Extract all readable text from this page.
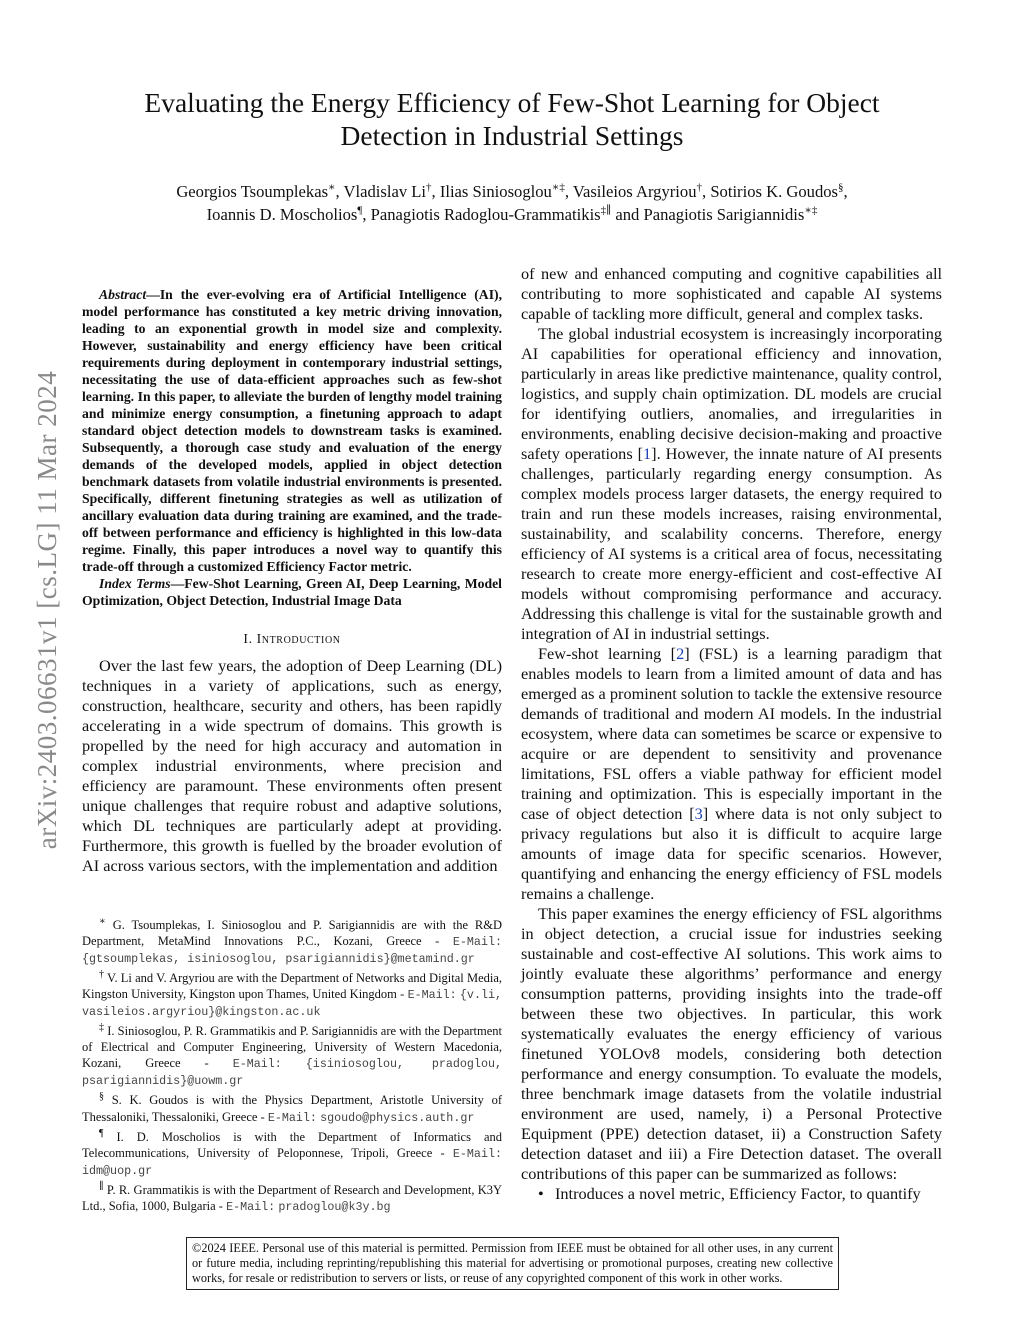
arXiv:2403.06631v1 [cs.LG] 11 Mar 2024
Evaluating the Energy Efficiency of Few-Shot Learning for Object Detection in Industrial Settings
Georgios Tsoumplekas∗, Vladislav Li†, Ilias Siniosoglou∗‡, Vasileios Argyriou†, Sotirios K. Goudos§,
Ioannis D. Moscholios¶, Panagiotis Radoglou-Grammatikis‡∥ and Panagiotis Sarigiannidis∗‡

Abstract—In the ever-evolving era of Artificial Intelligence (AI), model performance has constituted a key metric driving innovation, leading to an exponential growth in model size and complexity. However, sustainability and energy efficiency have been critical requirements during deployment in contemporary industrial settings, necessitating the use of data-efficient approaches such as few-shot learning. In this paper, to alleviate the burden of lengthy model training and minimize energy consumption, a finetuning approach to adapt standard object detection models to downstream tasks is examined. Subsequently, a thorough case study and evaluation of the energy demands of the developed models, applied in object detection benchmark datasets from volatile industrial environments is presented. Specifically, different finetuning strategies as well as utilization of ancillary evaluation data during training are examined, and the trade-off between performance and efficiency is highlighted in this low-data regime. Finally, this paper introduces a novel way to quantify this trade-off through a customized Efficiency Factor metric.

Index Terms—Few-Shot Learning, Green AI, Deep Learning, Model Optimization, Object Detection, Industrial Image Data

I. Introduction

Over the last few years, the adoption of Deep Learning (DL) techniques in a variety of applications, such as energy, construction, healthcare, security and others, has been rapidly accelerating in a wide spectrum of domains. This growth is propelled by the need for high accuracy and automation in complex industrial environments, where precision and efficiency are paramount. These environments often present unique challenges that require robust and adaptive solutions, which DL techniques are particularly adept at providing. Furthermore, this growth is fuelled by the broader evolution of AI across various sectors, with the implementation and addition

∗ G. Tsoumplekas, I. Siniosoglou and P. Sarigiannidis are with the R&D Department, MetaMind Innovations P.C., Kozani, Greece - E-Mail: {gtsoumplekas, isiniosoglou, psarigiannidis}@metamind.gr

† V. Li and V. Argyriou are with the Department of Networks and Digital Media, Kingston University, Kingston upon Thames, United Kingdom - E-Mail: {v.li, vasileios.argyriou}@kingston.ac.uk

‡ I. Siniosoglou, P. R. Grammatikis and P. Sarigiannidis are with the Department of Electrical and Computer Engineering, University of Western Macedonia, Kozani, Greece - E-Mail: {isiniosoglou, pradoglou, psarigiannidis}@uowm.gr

§ S. K. Goudos is with the Physics Department, Aristotle University of Thessaloniki, Thessaloniki, Greece - E-Mail: sgoudo@physics.auth.gr

¶ I. D. Moscholios is with the Department of Informatics and Telecommunications, University of Peloponnese, Tripoli, Greece - E-Mail: idm@uop.gr

∥ P. R. Grammatikis is with the Department of Research and Development, K3Y Ltd., Sofia, 1000, Bulgaria - E-Mail: pradoglou@k3y.bg

of new and enhanced computing and cognitive capabilities all contributing to more sophisticated and capable AI systems capable of tackling more difficult, general and complex tasks.

The global industrial ecosystem is increasingly incorporating AI capabilities for operational efficiency and innovation, particularly in areas like predictive maintenance, quality control, logistics, and supply chain optimization. DL models are crucial for identifying outliers, anomalies, and irregularities in environments, enabling decisive decision-making and proactive safety operations [1]. However, the innate nature of AI presents challenges, particularly regarding energy consumption. As complex models process larger datasets, the energy required to train and run these models increases, raising environmental, sustainability, and scalability concerns. Therefore, energy efficiency of AI systems is a critical area of focus, necessitating research to create more energy-efficient and cost-effective AI models without compromising performance and accuracy. Addressing this challenge is vital for the sustainable growth and integration of AI in industrial settings.

Few-shot learning [2] (FSL) is a learning paradigm that enables models to learn from a limited amount of data and has emerged as a prominent solution to tackle the extensive resource demands of traditional and modern AI models. In the industrial ecosystem, where data can sometimes be scarce or expensive to acquire or are dependent to sensitivity and provenance limitations, FSL offers a viable pathway for efficient model training and optimization. This is especially important in the case of object detection [3] where data is not only subject to privacy regulations but also it is difficult to acquire large amounts of image data for specific scenarios. However, quantifying and enhancing the energy efficiency of FSL models remains a challenge.

This paper examines the energy efficiency of FSL algorithms in object detection, a crucial issue for industries seeking sustainable and cost-effective AI solutions. This work aims to jointly evaluate these algorithms’ performance and energy consumption patterns, providing insights into the trade-off between these two objectives. In particular, this work systematically evaluates the energy efficiency of various finetuned YOLOv8 models, considering both detection performance and energy consumption. To evaluate the models, three benchmark image datasets from the volatile industrial environment are used, namely, i) a Personal Protective Equipment (PPE) detection dataset, ii) a Construction Safety detection dataset and iii) a Fire Detection dataset. The overall contributions of this paper can be summarized as follows:

• Introduces a novel metric, Efficiency Factor, to quantify
©2024 IEEE. Personal use of this material is permitted. Permission from IEEE must be obtained for all other uses, in any current or future media, including reprinting/republishing this material for advertising or promotional purposes, creating new collective works, for resale or redistribution to servers or lists, or reuse of any copyrighted component of this work in other works.
